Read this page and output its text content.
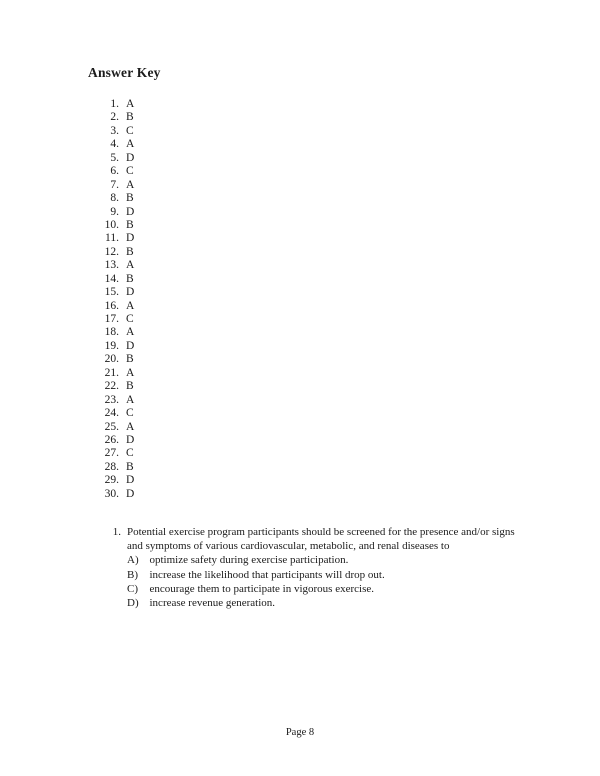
Answer Key
1. A
2. B
3. C
4. A
5. D
6. C
7. A
8. B
9. D
10. B
11. D
12. B
13. A
14. B
15. D
16. A
17. C
18. A
19. D
20. B
21. A
22. B
23. A
24. C
25. A
26. D
27. C
28. B
29. D
30. D
1. Potential exercise program participants should be screened for the presence and/or signs
and symptoms of various cardiovascular, metabolic, and renal diseases to
A) optimize safety during exercise participation.
B) increase the likelihood that participants will drop out.
C) encourage them to participate in vigorous exercise.
D) increase revenue generation.
Page 8
